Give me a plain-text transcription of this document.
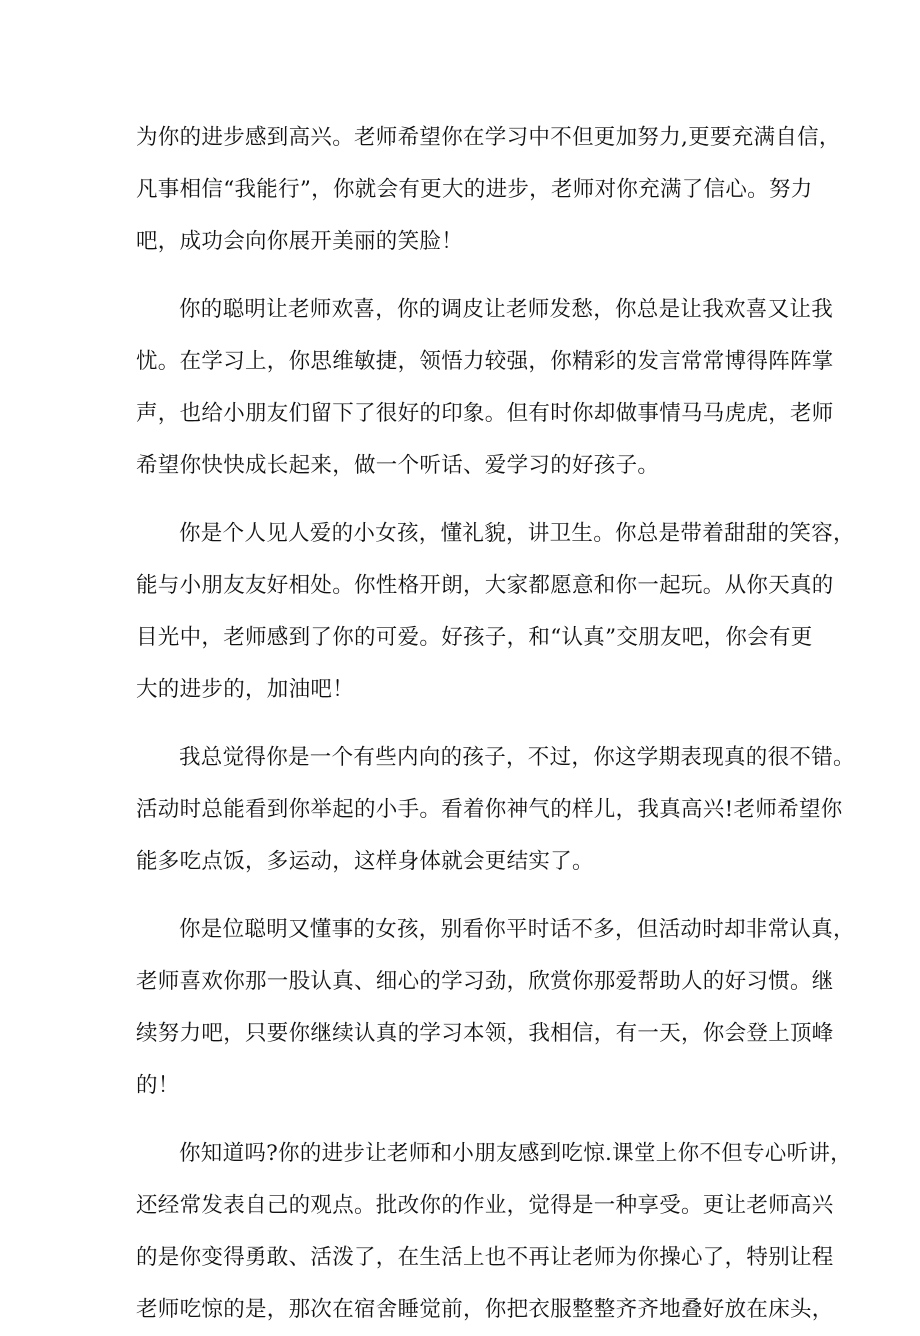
为你的进步感到高兴。老师希望你在学习中不但更加努力,更要充满自信，
凡事相信“我能行”，你就会有更大的进步，老师对你充满了信心。努力
吧，成功会向你展开美丽的笑脸！

你的聪明让老师欢喜，你的调皮让老师发愁，你总是让我欢喜又让我
忧。在学习上，你思维敏捷，领悟力较强，你精彩的发言常常博得阵阵掌
声，也给小朋友们留下了很好的印象。但有时你却做事情马马虎虎，老师
希望你快快成长起来，做一个听话、爱学习的好孩子。

你是个人见人爱的小女孩，懂礼貌，讲卫生。你总是带着甜甜的笑容，
能与小朋友友好相处。你性格开朗，大家都愿意和你一起玩。从你天真的
目光中，老师感到了你的可爱。好孩子，和“认真”交朋友吧，你会有更
大的进步的，加油吧！

我总觉得你是一个有些内向的孩子，不过，你这学期表现真的很不错。
活动时总能看到你举起的小手。看着你神气的样儿，我真高兴!老师希望你
能多吃点饭，多运动，这样身体就会更结实了。

你是位聪明又懂事的女孩，别看你平时话不多，但活动时却非常认真，
老师喜欢你那一股认真、细心的学习劲，欣赏你那爱帮助人的好习惯。继
续努力吧，只要你继续认真的学习本领，我相信，有一天，你会登上顶峰
的！

你知道吗?你的进步让老师和小朋友感到吃惊.课堂上你不但专心听讲，
还经常发表自己的观点。批改你的作业，觉得是一种享受。更让老师高兴
的是你变得勇敢、活泼了，在生活上也不再让老师为你操心了，特别让程
老师吃惊的是，那次在宿舍睡觉前，你把衣服整整齐齐地叠好放在床头，
